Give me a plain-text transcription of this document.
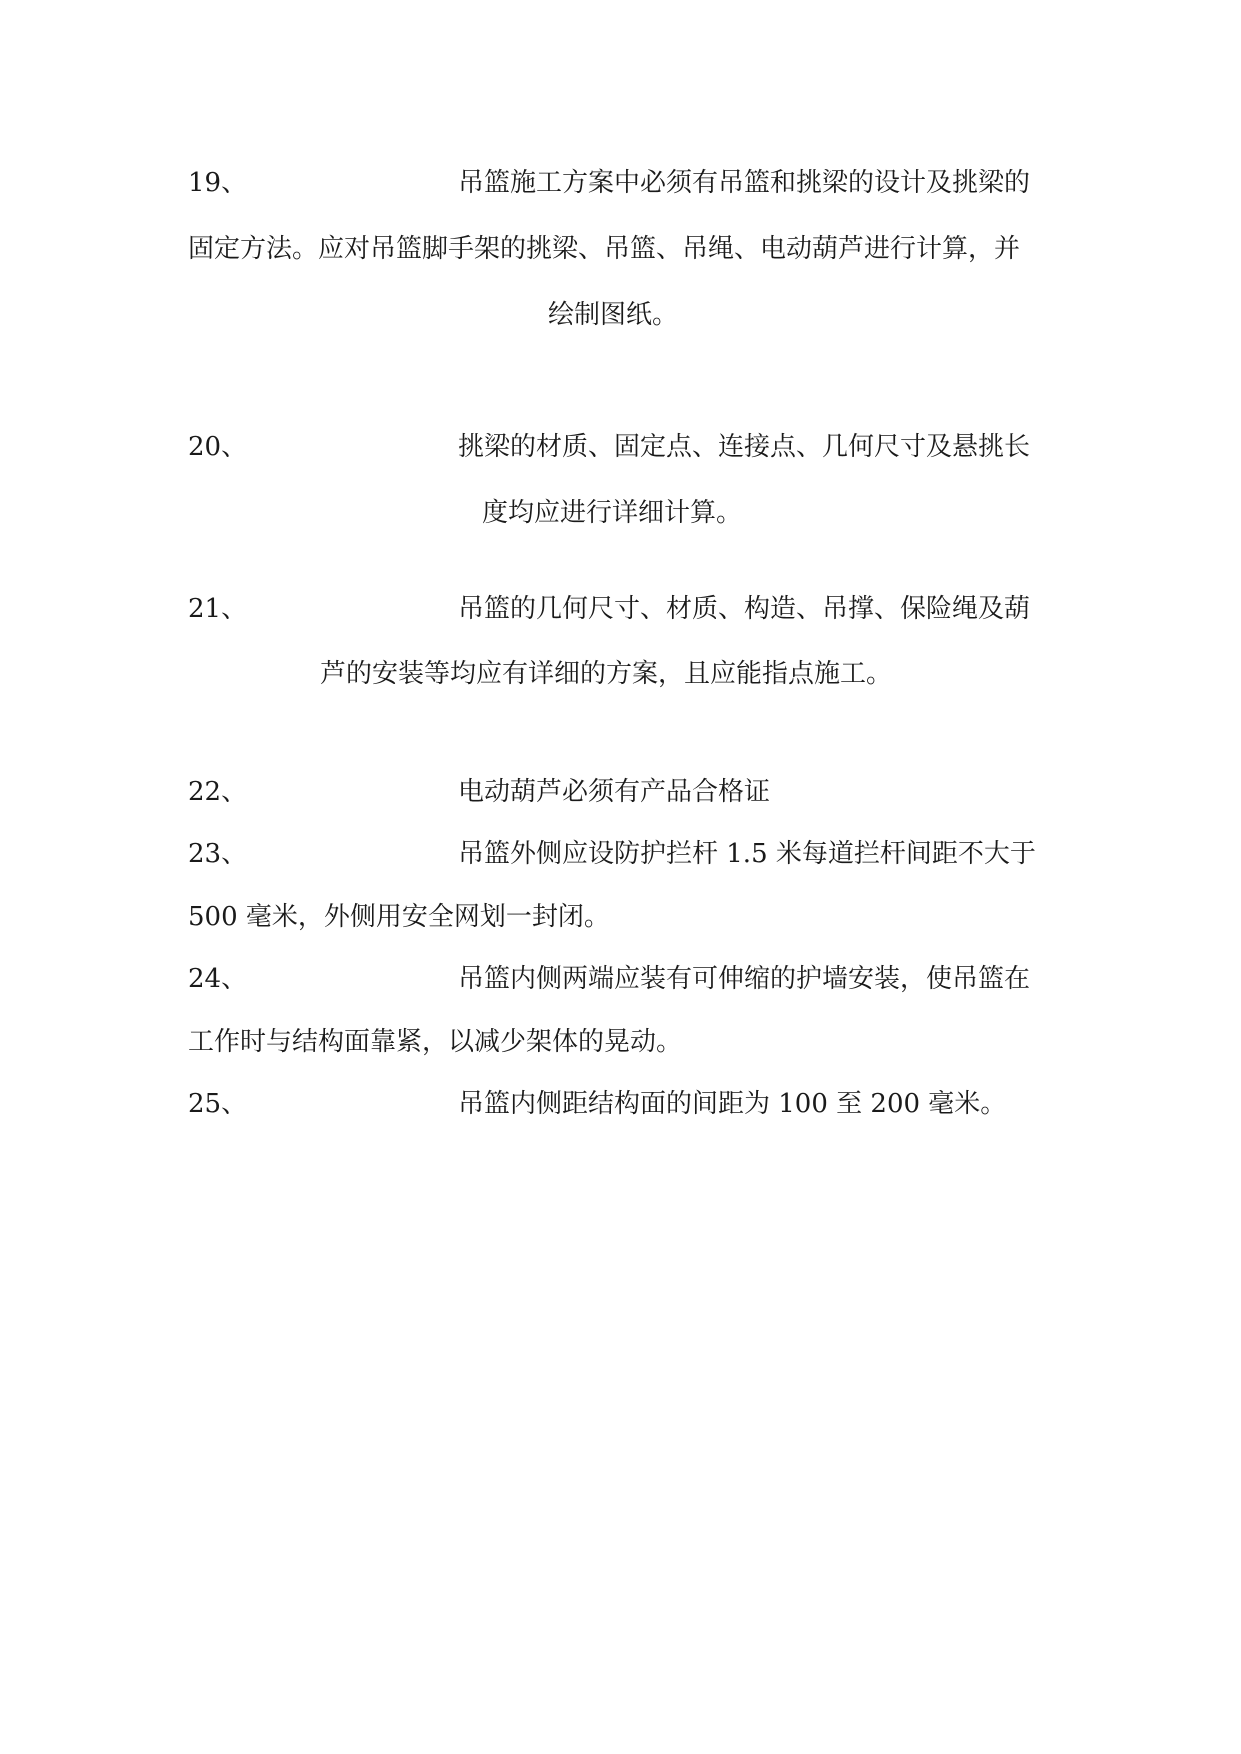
19、	吊篮施工方案中必须有吊篮和挑梁的设计及挑梁的
固定方法。应对吊篮脚手架的挑梁、吊篮、吊绳、电动葫芦进行计算，并
绘制图纸。
20、	挑梁的材质、固定点、连接点、几何尺寸及悬挑长
度均应进行详细计算。
21、	吊篮的几何尺寸、材质、构造、吊撑、保险绳及葫
芦的安装等均应有详细的方案，且应能指点施工。
22、	电动葫芦必须有产品合格证
23、	吊篮外侧应设防护拦杆 1.5 米每道拦杆间距不大于
500 毫米，外侧用安全网划一封闭。
24、	吊篮内侧两端应装有可伸缩的护墙安装，使吊篮在
工作时与结构面靠紧，以减少架体的晃动。
25、	吊篮内侧距结构面的间距为 100 至 200 毫米。
